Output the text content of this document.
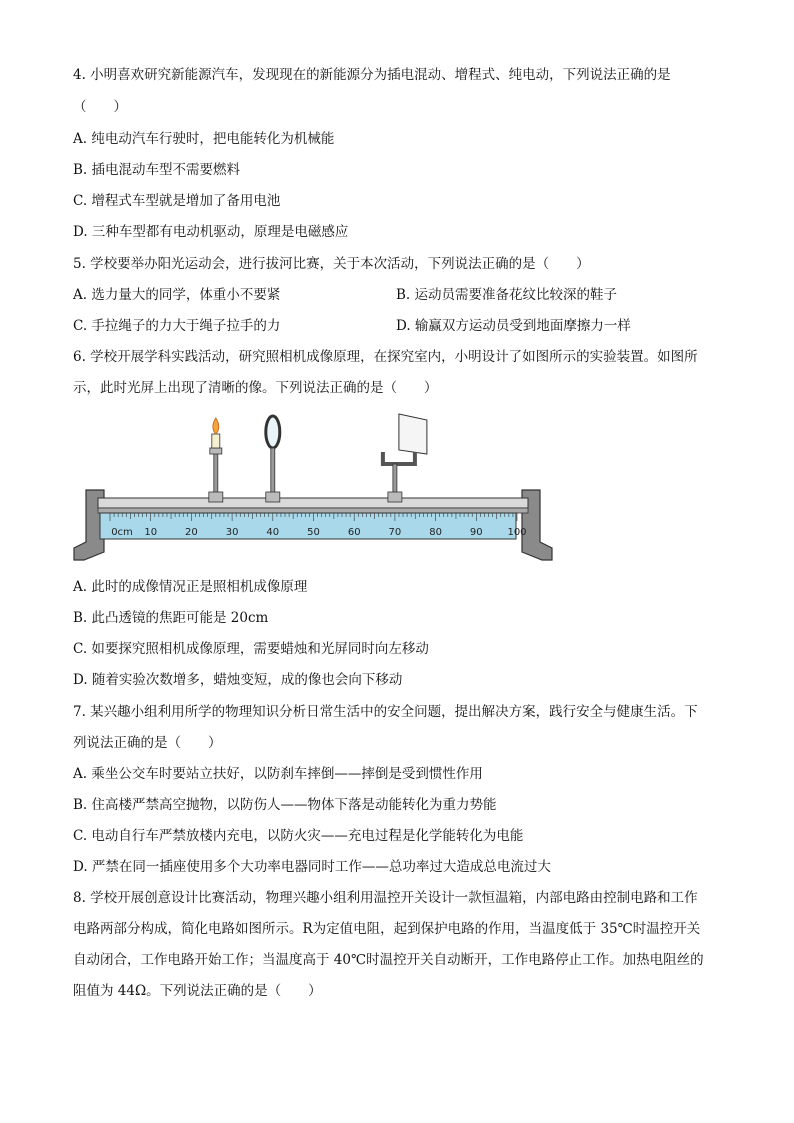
4. 小明喜欢研究新能源汽车，发现现在的新能源分为插电混动、增程式、纯电动，下列说法正确的是
（　　）
A. 纯电动汽车行驶时，把电能转化为机械能
B. 插电混动车型不需要燃料
C. 增程式车型就是增加了备用电池
D. 三种车型都有电动机驱动，原理是电磁感应
5. 学校要举办阳光运动会，进行拔河比赛，关于本次活动，下列说法正确的是（　　）
A. 选力量大的同学，体重小不要紧	B. 运动员需要准备花纹比较深的鞋子
C. 手拉绳子的力大于绳子拉手的力	D. 输赢双方运动员受到地面摩擦力一样
6. 学校开展学科实践活动，研究照相机成像原理，在探究室内，小明设计了如图所示的实验装置。如图所
示，此时光屏上出现了清晰的像。下列说法正确的是（　　）
0cm 10	20	30	40	50	60	70	80	90 100
A. 此时的成像情况正是照相机成像原理
B. 此凸透镜的焦距可能是 20cm
C. 如要探究照相机成像原理，需要蜡烛和光屏同时向左移动
D. 随着实验次数增多，蜡烛变短，成的像也会向下移动
7. 某兴趣小组利用所学的物理知识分析日常生活中的安全问题，提出解决方案，践行安全与健康生活。下
列说法正确的是（　　）
A. 乘坐公交车时要站立扶好，以防刹车摔倒——摔倒是受到惯性作用
B. 住高楼严禁高空抛物，以防伤人——物体下落是动能转化为重力势能
C. 电动自行车严禁放楼内充电，以防火灾——充电过程是化学能转化为电能
D. 严禁在同一插座使用多个大功率电器同时工作——总功率过大造成总电流过大
8. 学校开展创意设计比赛活动，物理兴趣小组利用温控开关设计一款恒温箱，内部电路由控制电路和工作
电路两部分构成，简化电路如图所示。R为定值电阻，起到保护电路的作用，当温度低于 35℃时温控开关
自动闭合，工作电路开始工作；当温度高于 40℃时温控开关自动断开，工作电路停止工作。加热电阻丝的
阻值为 44Ω。下列说法正确的是（　　）
